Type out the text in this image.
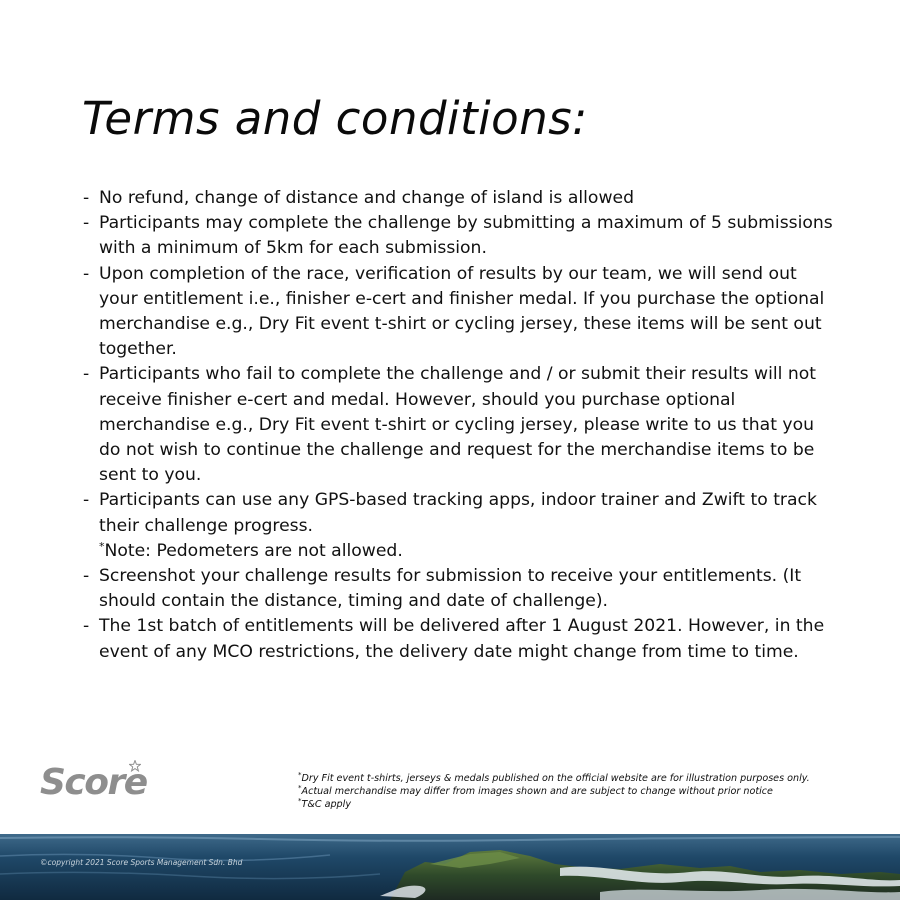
Terms and conditions:
- No refund, change of distance and change of island is allowed
- Participants may complete the challenge by submitting a maximum of 5 submissions with a minimum of 5km for each submission.
- Upon completion of the race, verification of results by our team, we will send out your entitlement i.e., finisher e-cert and finisher medal. If you purchase the optional merchandise e.g., Dry Fit event t-shirt or cycling jersey, these items will be sent out together.
- Participants who fail to complete the challenge and / or submit their results will not receive finisher e-cert and medal. However, should you purchase optional merchandise e.g., Dry Fit event t-shirt or cycling jersey, please write to us that you do not wish to continue the challenge and request for the merchandise items to be sent to you.
- Participants can use any GPS-based tracking apps, indoor trainer and Zwift to track their challenge progress.
*Note: Pedometers are not allowed.
- Screenshot your challenge results for submission to receive your entitlements. (It should contain the distance, timing and date of challenge).
- The 1st batch of entitlements will be delivered after 1 August 2021. However, in the event of any MCO restrictions, the delivery date might change from time to time.
Score	*Dry Fit event t-shirts, jerseys & medals published on the official website are for illustration purposes only.
*Actual merchandise may differ from images shown and are subject to change without prior notice
*T&C apply
©copyright 2021 Score Sports Management Sdn. Bhd
